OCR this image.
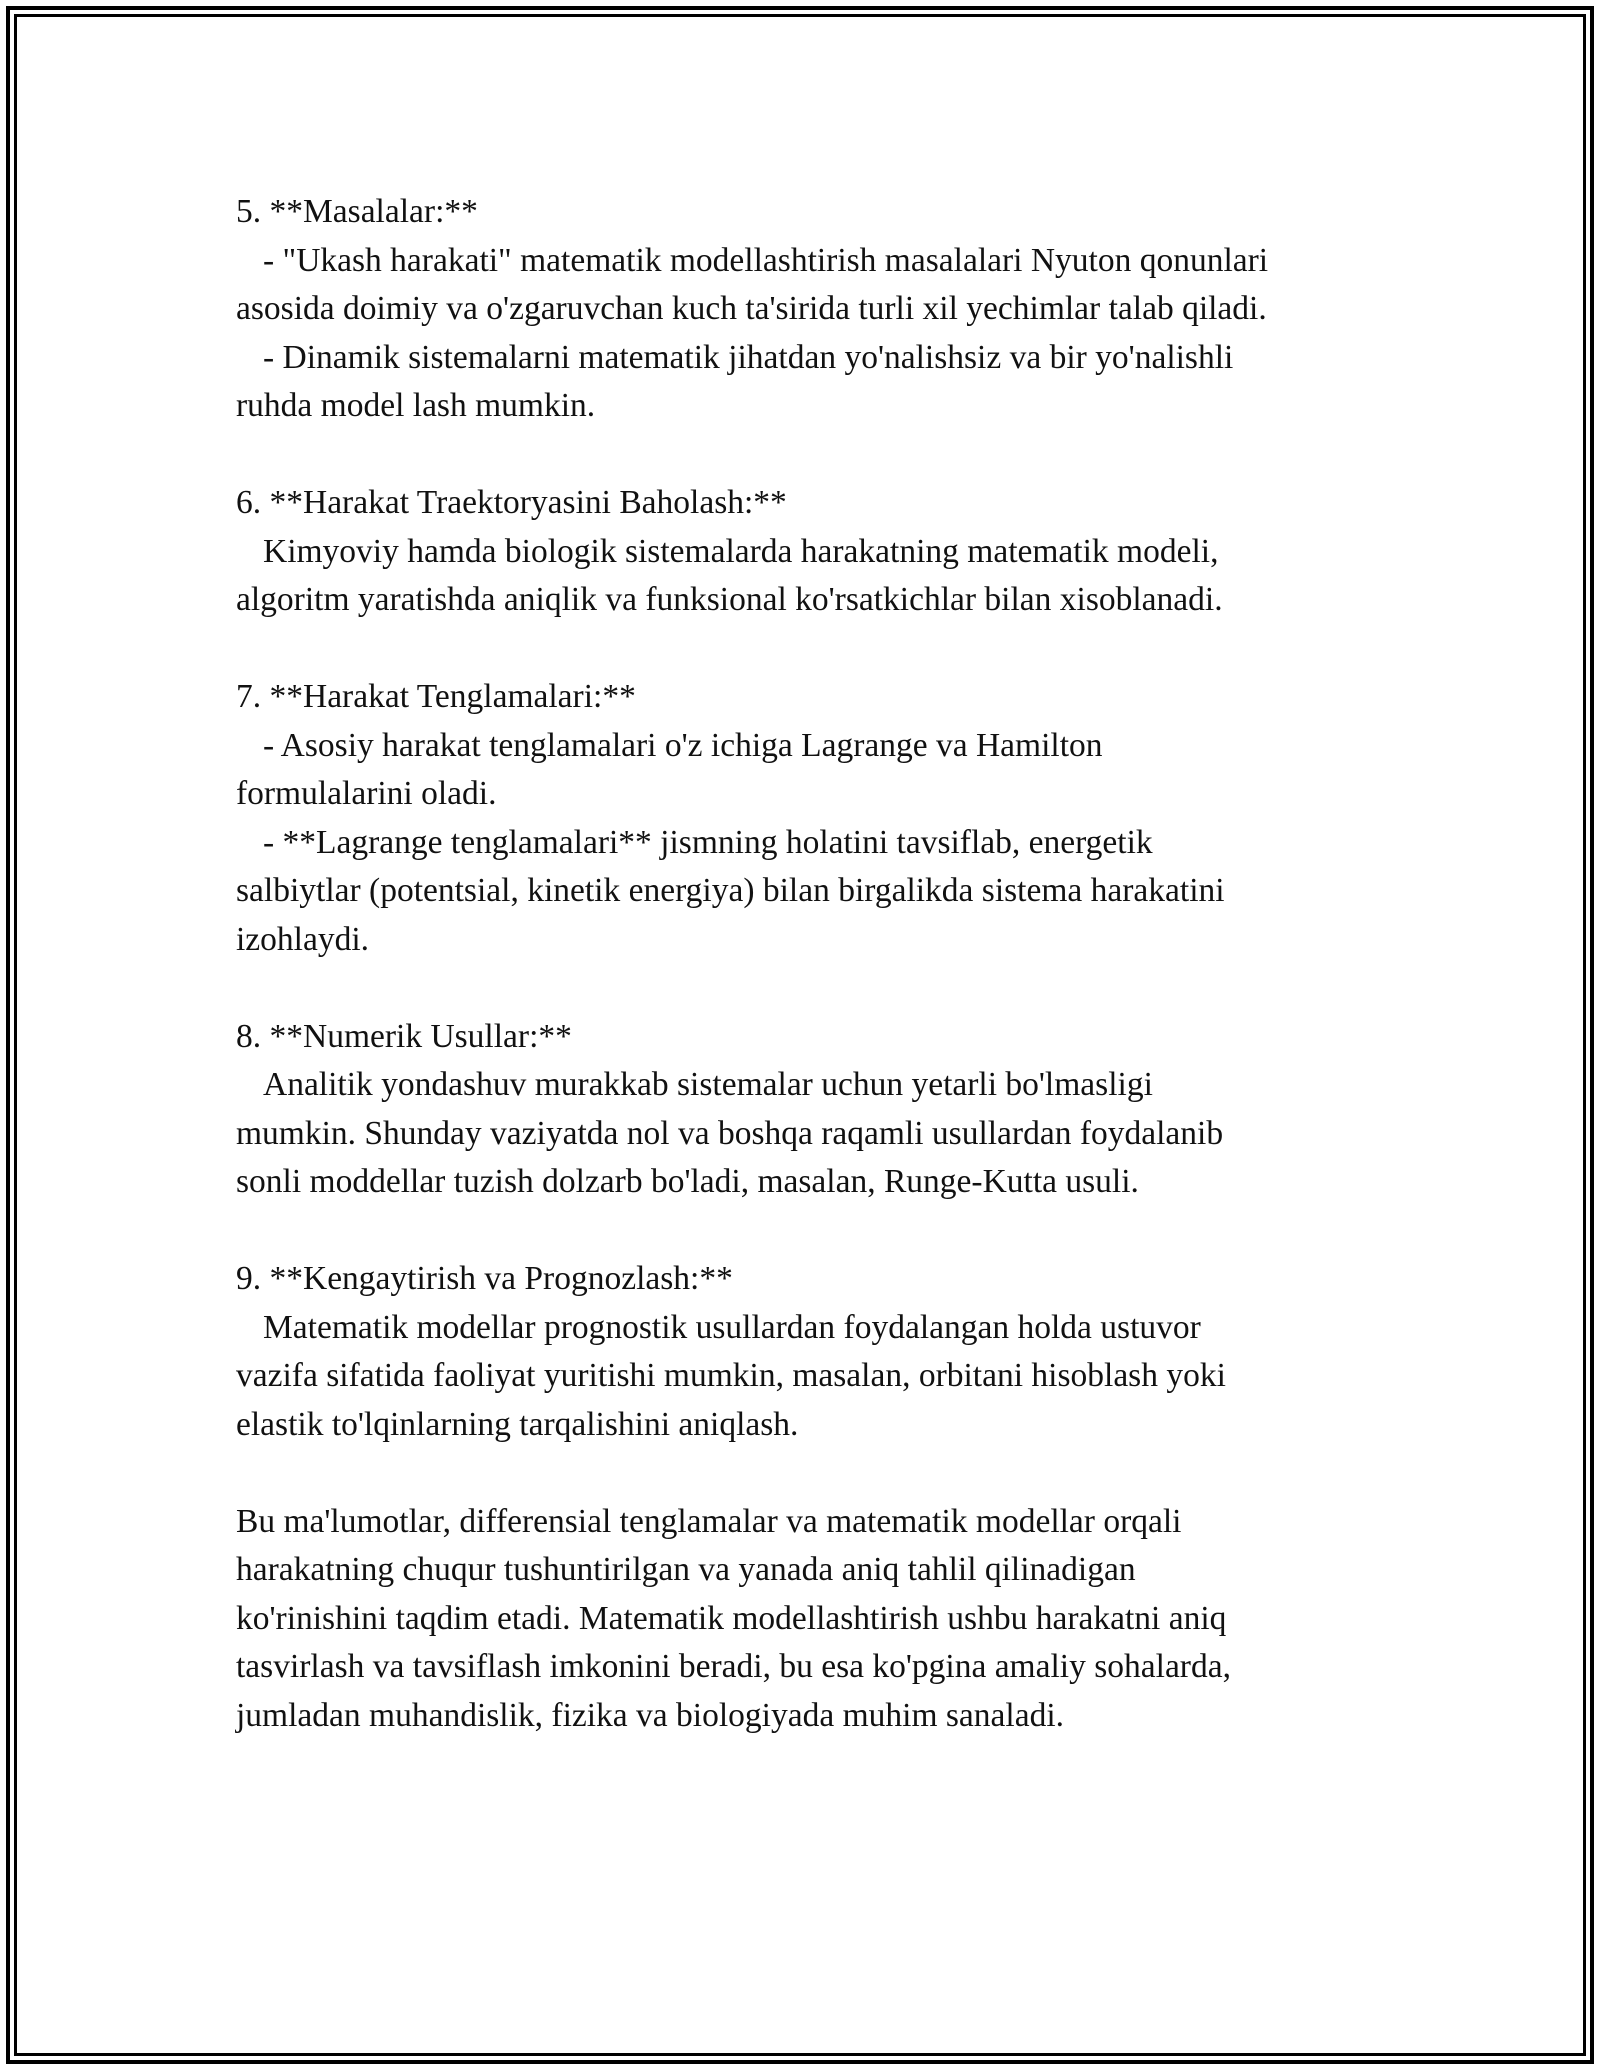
5. **Masalalar:**

- "Ukash harakati" matematik modellashtirish masalalari Nyuton qonunlari

asosida doimiy va o'zgaruvchan kuch ta'sirida turli xil yechimlar talab qiladi.

- Dinamik sistemalarni matematik jihatdan yo'nalishsiz va bir yo'nalishli

ruhda model lash mumkin.

6. **Harakat Traektoryasini Baholash:**

Kimyoviy hamda biologik sistemalarda harakatning matematik modeli,

algoritm yaratishda aniqlik va funksional ko'rsatkichlar bilan xisoblanadi.

7. **Harakat Tenglamalari:**

- Asosiy harakat tenglamalari o'z ichiga Lagrange va Hamilton

formulalarini oladi.

- **Lagrange tenglamalari** jismning holatini tavsiflab, energetik

salbiytlar (potentsial, kinetik energiya) bilan birgalikda sistema harakatini

izohlaydi.

8. **Numerik Usullar:**

Analitik yondashuv murakkab sistemalar uchun yetarli bo'lmasligi

mumkin. Shunday vaziyatda nol va boshqa raqamli usullardan foydalanib

sonli moddellar tuzish dolzarb bo'ladi, masalan, Runge-Kutta usuli.

9. **Kengaytirish va Prognozlash:**

Matematik modellar prognostik usullardan foydalangan holda ustuvor

vazifa sifatida faoliyat yuritishi mumkin, masalan, orbitani hisoblash yoki

elastik to'lqinlarning tarqalishini aniqlash.

Bu ma'lumotlar, differensial tenglamalar va matematik modellar orqali

harakatning chuqur tushuntirilgan va yanada aniq tahlil qilinadigan

ko'rinishini taqdim etadi. Matematik modellashtirish ushbu harakatni aniq

tasvirlash va tavsiflash imkonini beradi, bu esa ko'pgina amaliy sohalarda,

jumladan muhandislik, fizika va biologiyada muhim sanaladi.
